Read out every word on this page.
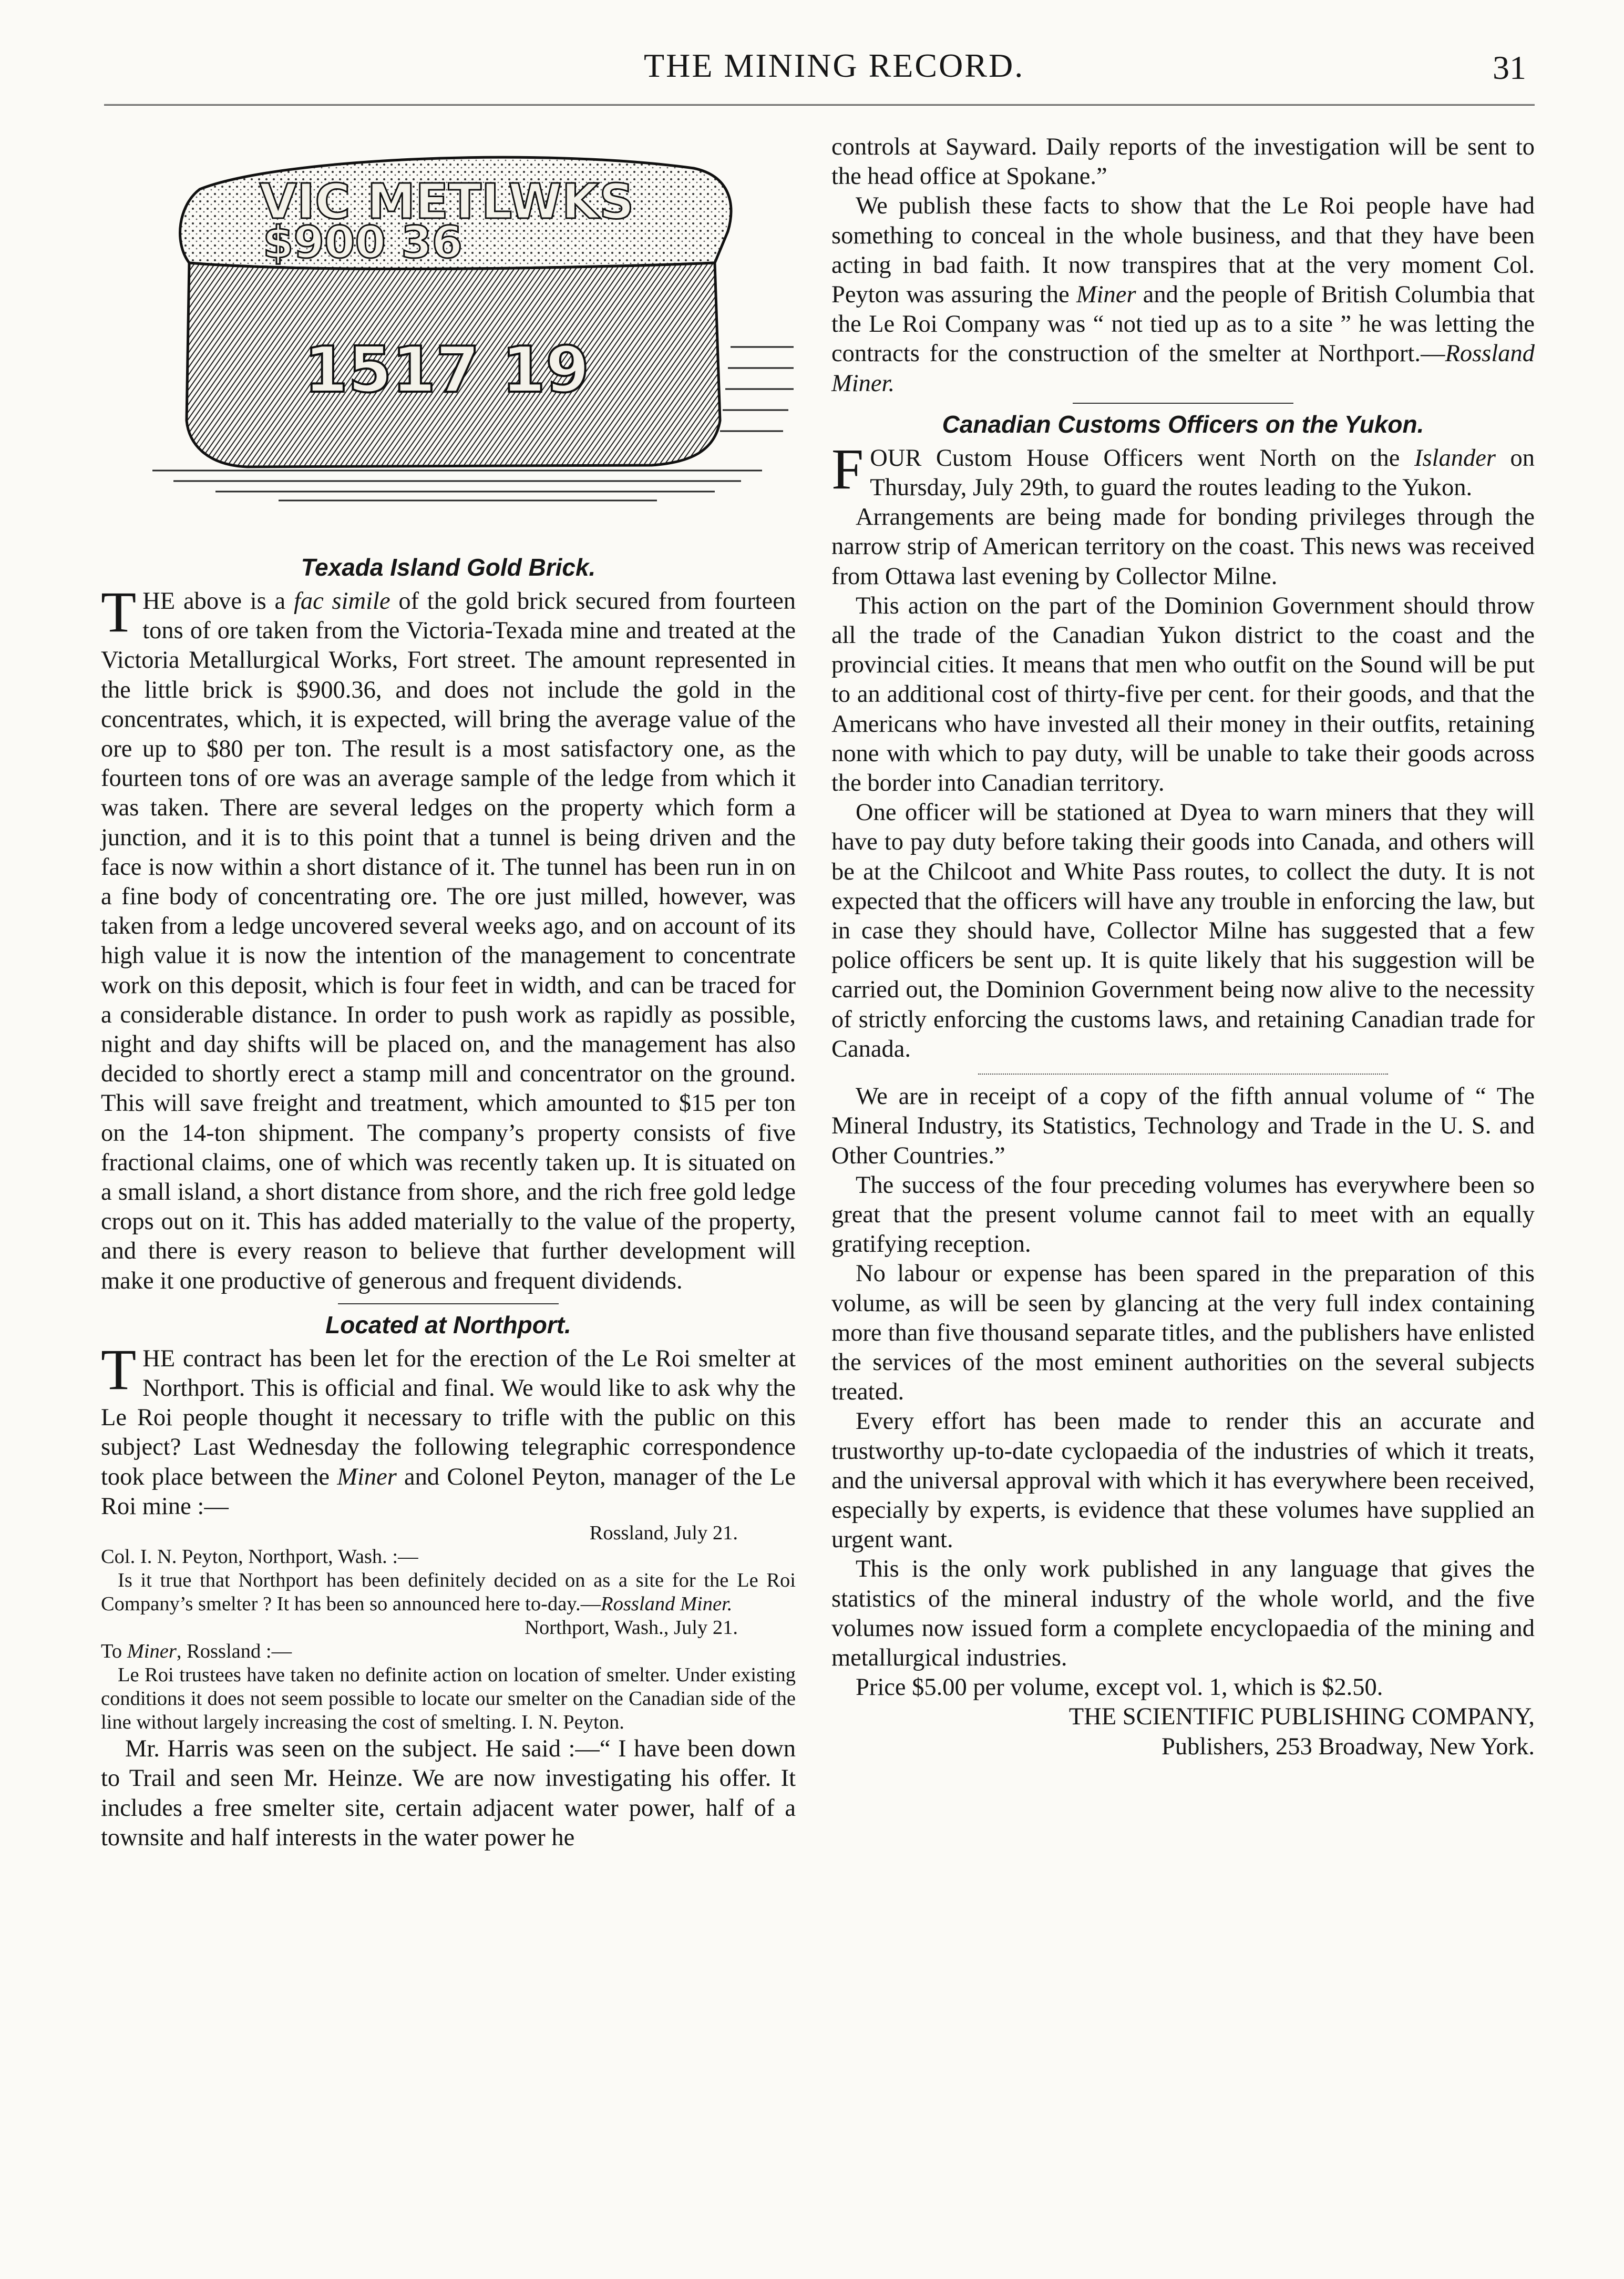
THE MINING RECORD.	31
VIC METLWKS
$900 36
1517 19
Texada Island Gold Brick.

THE above is a fac simile of the gold brick secured from fourteen tons of ore taken from the Victoria-Texada mine and treated at the Victoria Metallurgical Works, Fort street. The amount represented in the little brick is $900.36, and does not include the gold in the concentrates, which, it is expected, will bring the average value of the ore up to $80 per ton. The result is a most satisfactory one, as the fourteen tons of ore was an average sample of the ledge from which it was taken. There are several ledges on the property which form a junction, and it is to this point that a tunnel is being driven and the face is now within a short distance of it. The tunnel has been run in on a fine body of concentrating ore. The ore just milled, however, was taken from a ledge uncovered several weeks ago, and on account of its high value it is now the intention of the management to concentrate work on this deposit, which is four feet in width, and can be traced for a considerable distance. In order to push work as rapidly as possible, night and day shifts will be placed on, and the management has also decided to shortly erect a stamp mill and concentrator on the ground. This will save freight and treatment, which amounted to $15 per ton on the 14-ton shipment. The company’s property consists of five fractional claims, one of which was recently taken up. It is situated on a small island, a short distance from shore, and the rich free gold ledge crops out on it. This has added materially to the value of the property, and there is every reason to believe that further development will make it one productive of generous and frequent dividends.

Located at Northport.

THE contract has been let for the erection of the Le Roi smelter at Northport. This is official and final. We would like to ask why the Le Roi people thought it necessary to trifle with the public on this subject? Last Wednesday the following telegraphic correspondence took place between the Miner and Colonel Peyton, manager of the Le Roi mine :—

Rossland, July 21.

Col. I. N. Peyton, Northport, Wash. :—

Is it true that Northport has been definitely decided on as a site for the Le Roi Company’s smelter ? It has been so announced here to-day.—Rossland Miner.

Northport, Wash., July 21.

To Miner, Rossland :—

Le Roi trustees have taken no definite action on location of smelter. Under existing conditions it does not seem possible to locate our smelter on the Canadian side of the line without largely increasing the cost of smelting. I. N. Peyton.

Mr. Harris was seen on the subject. He said :—“ I have been down to Trail and seen Mr. Heinze. We are now investigating his offer. It includes a free smelter site, certain adjacent water power, half of a townsite and half interests in the water power he

controls at Sayward. Daily reports of the investigation will be sent to the head office at Spokane.”

We publish these facts to show that the Le Roi people have had something to conceal in the whole business, and that they have been acting in bad faith. It now transpires that at the very moment Col. Peyton was assuring the Miner and the people of British Columbia that the Le Roi Company was “ not tied up as to a site ” he was letting the contracts for the construction of the smelter at Northport.—Rossland Miner.

Canadian Customs Officers on the Yukon.

FOUR Custom House Officers went North on the Islander on Thursday, July 29th, to guard the routes leading to the Yukon.

Arrangements are being made for bonding privileges through the narrow strip of American territory on the coast. This news was received from Ottawa last evening by Collector Milne.

This action on the part of the Dominion Government should throw all the trade of the Canadian Yukon district to the coast and the provincial cities. It means that men who outfit on the Sound will be put to an additional cost of thirty-five per cent. for their goods, and that the Americans who have invested all their money in their outfits, retaining none with which to pay duty, will be unable to take their goods across the border into Canadian territory.

One officer will be stationed at Dyea to warn miners that they will have to pay duty before taking their goods into Canada, and others will be at the Chilcoot and White Pass routes, to collect the duty. It is not expected that the officers will have any trouble in enforcing the law, but in case they should have, Collector Milne has suggested that a few police officers be sent up. It is quite likely that his suggestion will be carried out, the Dominion Government being now alive to the necessity of strictly enforcing the customs laws, and retaining Canadian trade for Canada.

We are in receipt of a copy of the fifth annual volume of “ The Mineral Industry, its Statistics, Technology and Trade in the U. S. and Other Countries.”

The success of the four preceding volumes has everywhere been so great that the present volume cannot fail to meet with an equally gratifying reception.

No labour or expense has been spared in the preparation of this volume, as will be seen by glancing at the very full index containing more than five thousand separate titles, and the publishers have enlisted the services of the most eminent authorities on the several subjects treated.

Every effort has been made to render this an accurate and trustworthy up-to-date cyclopaedia of the industries of which it treats, and the universal approval with which it has everywhere been received, especially by experts, is evidence that these volumes have supplied an urgent want.

This is the only work published in any language that gives the statistics of the mineral industry of the whole world, and the five volumes now issued form a complete encyclopaedia of the mining and metallurgical industries.

Price $5.00 per volume, except vol. 1, which is $2.50.

THE SCIENTIFIC PUBLISHING COMPANY,

Publishers, 253 Broadway, New York.
